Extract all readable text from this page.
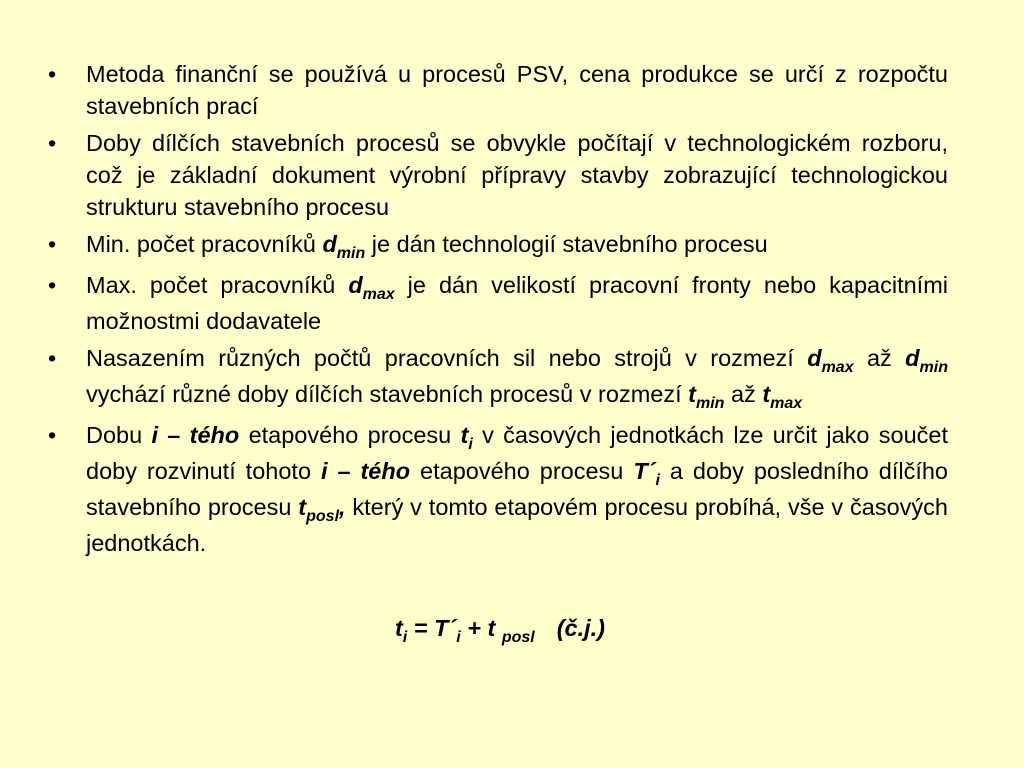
• Metoda finanční se používá u procesů PSV, cena produkce se určí z rozpočtu stavebních prací
• Doby dílčích stavebních procesů se obvykle počítají v technologickém rozboru, což je základní dokument výrobní přípravy stavby zobrazující technologickou strukturu stavebního procesu
• Min. počet pracovníků $d_{min}$ je dán technologií stavebního procesu
• Max. počet pracovníků $d_{max}$ je dán velikostí pracovní fronty nebo kapacitními možnostmi dodavatele
• Nasazením různých počtů pracovních sil nebo strojů v rozmezí $d_{max}$ až $d_{min}$ vychází různé doby dílčích stavebních procesů v rozmezí $t_{min}$ až $t_{max}$
• Dobu i – tého etapového procesu $t_i$ v časových jednotkách lze určit jako součet doby rozvinutí tohoto i – tého etapového procesu $T´_i$ a doby posledního dílčího stavebního procesu $t_{posl}$, který v tomto etapovém procesu probíhá, vše v časových jednotkách.
$t_i$ = $T´_i + t$ $_{posl}$ (č.j.)
